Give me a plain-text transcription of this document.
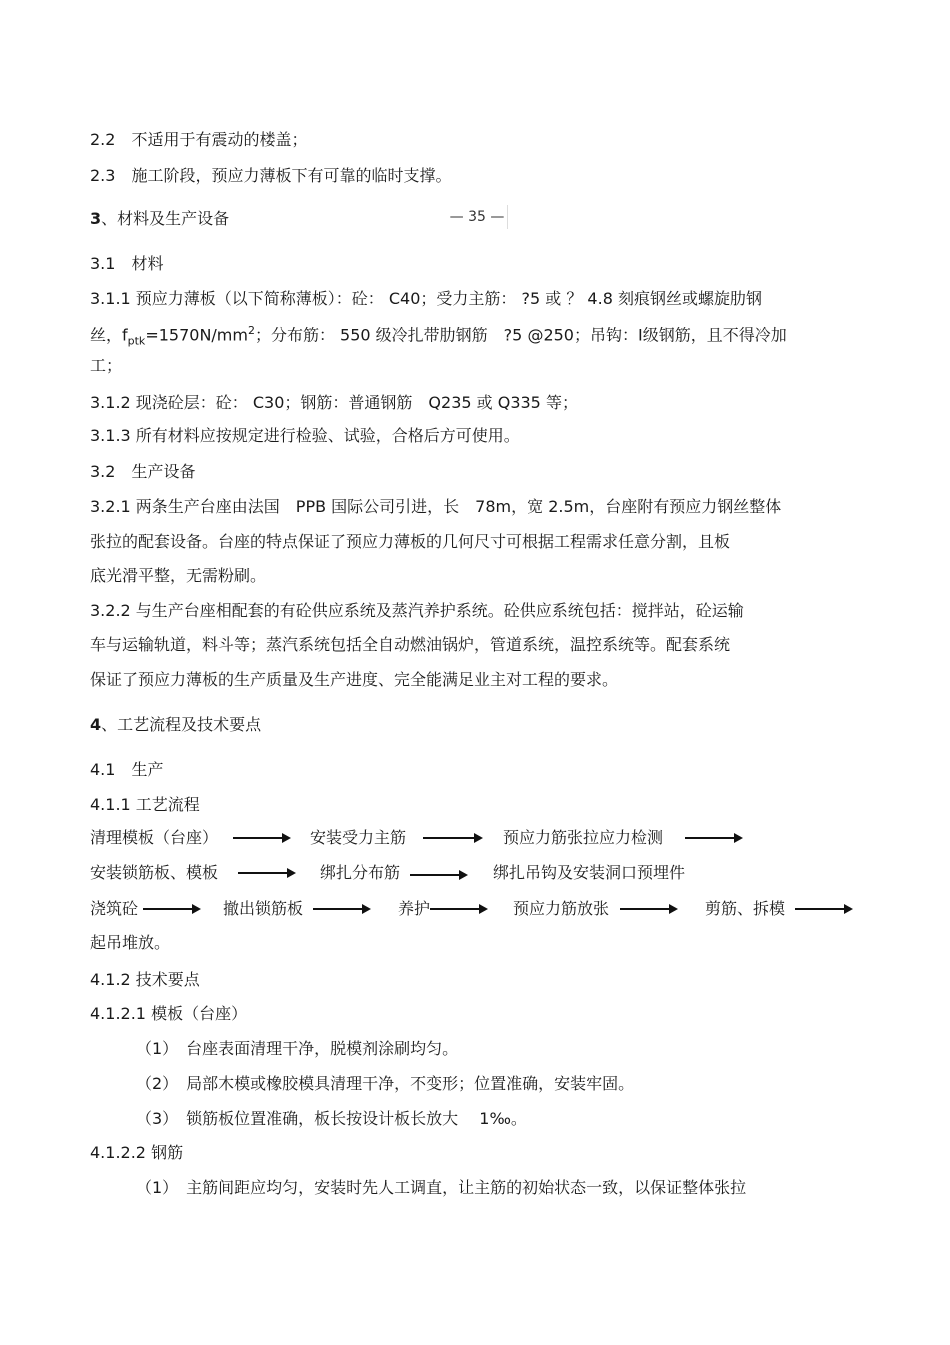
— 35 —
2.2　不适用于有震动的楼盖；
2.3　施工阶段，预应力薄板下有可靠的临时支撑。
3、材料及生产设备
3.1　材料
3.1.1 预应力薄板（以下简称薄板）：砼： C40；受力主筋： ?5 或 ？ 4.8 刻痕钢丝或螺旋肋钢
丝，$f_{ptk}=1570N/mm^2$；分布筋： 550 级冷扎带肋钢筋　?5 @250；吊钩：Ⅰ级钢筋，且不得冷加
工；
3.1.2 现浇砼层：砼： C30；钢筋：普通钢筋　Q235 或 Q335 等；
3.1.3 所有材料应按规定进行检验、试验，合格后方可使用。
3.2　生产设备
3.2.1 两条生产台座由法国　PPB 国际公司引进，长　78m，宽 2.5m，台座附有预应力钢丝整体
张拉的配套设备。台座的特点保证了预应力薄板的几何尺寸可根据工程需求任意分割，且板
底光滑平整，无需粉刷。
3.2.2 与生产台座相配套的有砼供应系统及蒸汽养护系统。砼供应系统包括：搅拌站，砼运输
车与运输轨道，料斗等；蒸汽系统包括全自动燃油锅炉，管道系统，温控系统等。配套系统
保证了预应力薄板的生产质量及生产进度、完全能满足业主对工程的要求。
4、工艺流程及技术要点
4.1　生产
4.1.1 工艺流程
清理模板（台座）	安装受力主筋	预应力筋张拉应力检测
安装锁筋板、模板	绑扎分布筋	绑扎吊钩及安装洞口预埋件
浇筑砼	撤出锁筋板	养护	预应力筋放张	剪筋、拆模
起吊堆放。
4.1.2 技术要点
4.1.2.1 模板（台座）
（1）　台座表面清理干净，脱模剂涂刷均匀。
（2）　局部木模或橡胶模具清理干净，不变形；位置准确，安装牢固。
（3）　锁筋板位置准确，板长按设计板长放大　 1‰。
4.1.2.2 钢筋
（1）　主筋间距应均匀，安装时先人工调直，让主筋的初始状态一致，以保证整体张拉
